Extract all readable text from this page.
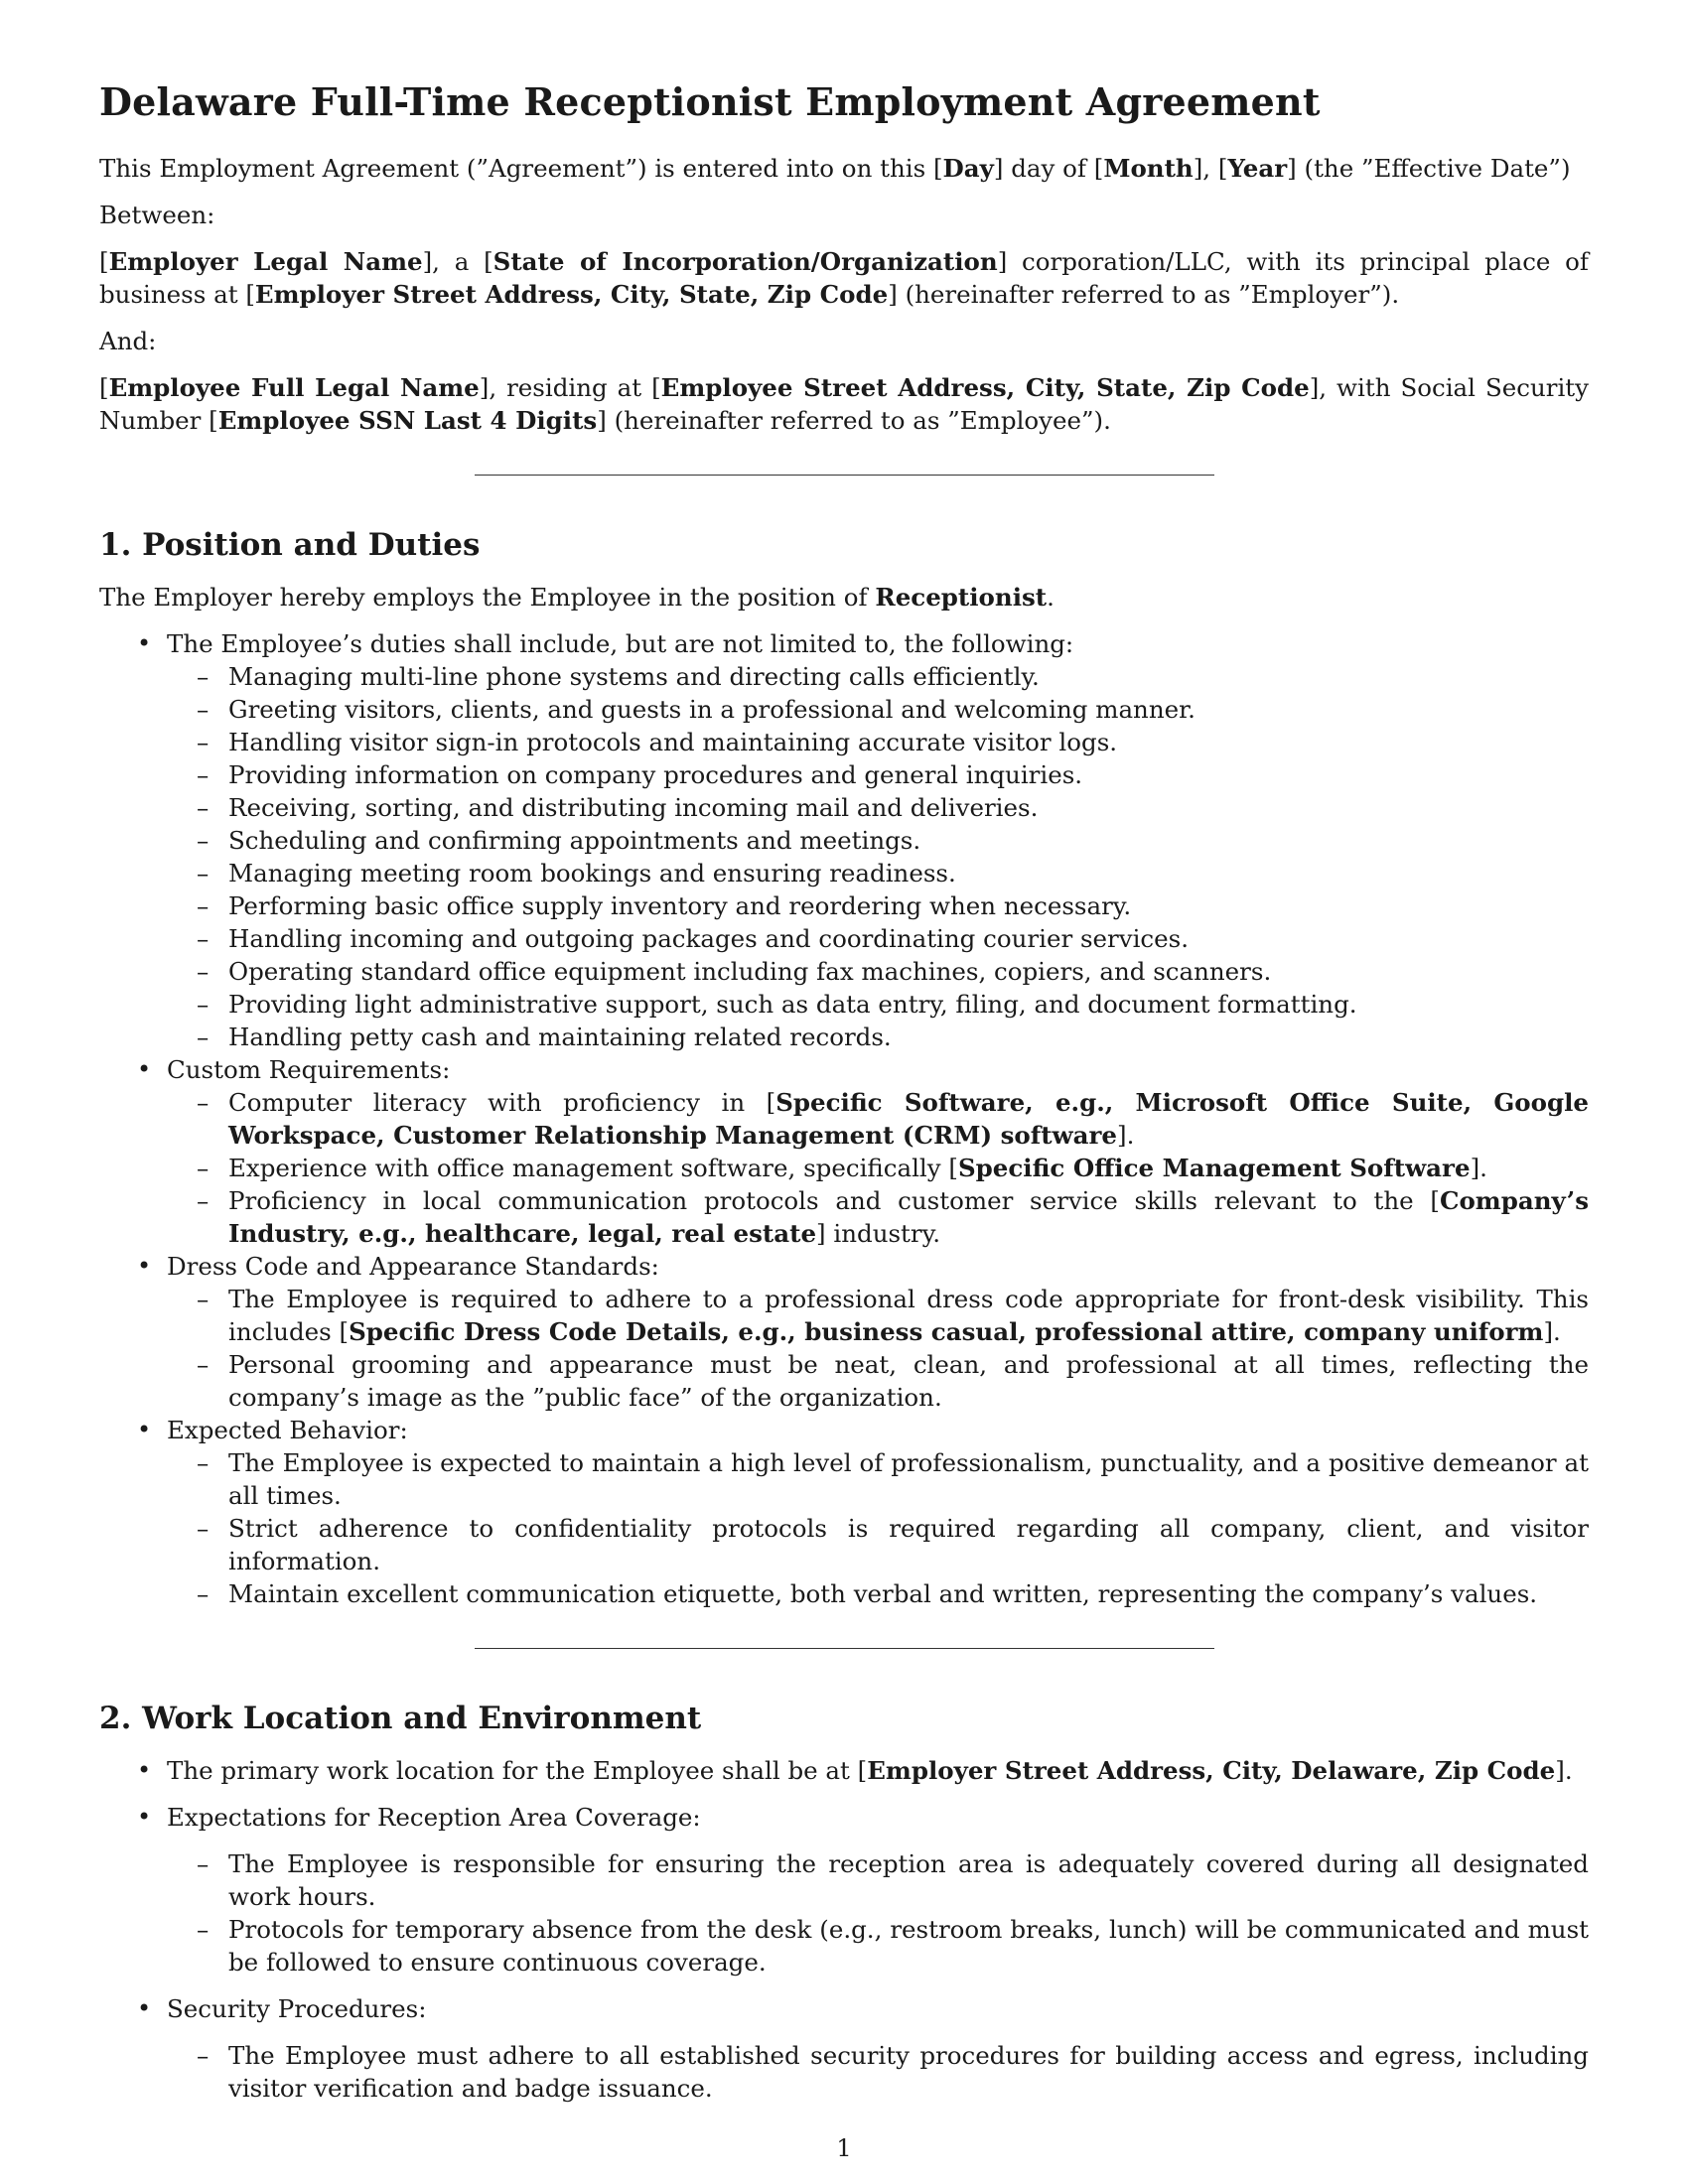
Delaware Full-Time Receptionist Employment Agreement

This Employment Agreement (”Agreement”) is entered into on this [Day] day of [Month], [Year] (the ”Effective Date”)

Between:

[Employer Legal Name], a [State of Incorporation/Organization] corporation/LLC, with its principal place of business at [Employer Street Address, City, State, Zip Code] (hereinafter referred to as ”Employer”).

And:

[Employee Full Legal Name], residing at [Employee Street Address, City, State, Zip Code], with Social Security Number [Employee SSN Last 4 Digits] (hereinafter referred to as ”Employee”).

1. Position and Duties

The Employer hereby employs the Employee in the position of Receptionist.

• The Employee’s duties shall include, but are not limited to, the following:
– Managing multi-line phone systems and directing calls efficiently.
– Greeting visitors, clients, and guests in a professional and welcoming manner.
– Handling visitor sign-in protocols and maintaining accurate visitor logs.
– Providing information on company procedures and general inquiries.
– Receiving, sorting, and distributing incoming mail and deliveries.
– Scheduling and confirming appointments and meetings.
– Managing meeting room bookings and ensuring readiness.
– Performing basic office supply inventory and reordering when necessary.
– Handling incoming and outgoing packages and coordinating courier services.
– Operating standard office equipment including fax machines, copiers, and scanners.
– Providing light administrative support, such as data entry, filing, and document formatting.
– Handling petty cash and maintaining related records.
• Custom Requirements:
– Computer literacy with proficiency in [Specific Software, e.g., Microsoft Office Suite, Google Workspace, Customer Relationship Management (CRM) software].
– Experience with office management software, specifically [Specific Office Management Software].
– Proficiency in local communication protocols and customer service skills relevant to the [Company’s Industry, e.g., healthcare, legal, real estate] industry.
• Dress Code and Appearance Standards:
– The Employee is required to adhere to a professional dress code appropriate for front-desk visibility. This includes [Specific Dress Code Details, e.g., business casual, professional attire, company uniform].
– Personal grooming and appearance must be neat, clean, and professional at all times, reflecting the company’s image as the ”public face” of the organization.
• Expected Behavior:
– The Employee is expected to maintain a high level of professionalism, punctuality, and a positive demeanor at all times.
– Strict adherence to confidentiality protocols is required regarding all company, client, and visitor information.
– Maintain excellent communication etiquette, both verbal and written, representing the company’s values.
2. Work Location and Environment
• The primary work location for the Employee shall be at [Employer Street Address, City, Delaware, Zip Code].
• Expectations for Reception Area Coverage:
– The Employee is responsible for ensuring the reception area is adequately covered during all designated work hours.
– Protocols for temporary absence from the desk (e.g., restroom breaks, lunch) will be communicated and must be followed to ensure continuous coverage.
• Security Procedures:
– The Employee must adhere to all established security procedures for building access and egress, including visitor verification and badge issuance.
1
